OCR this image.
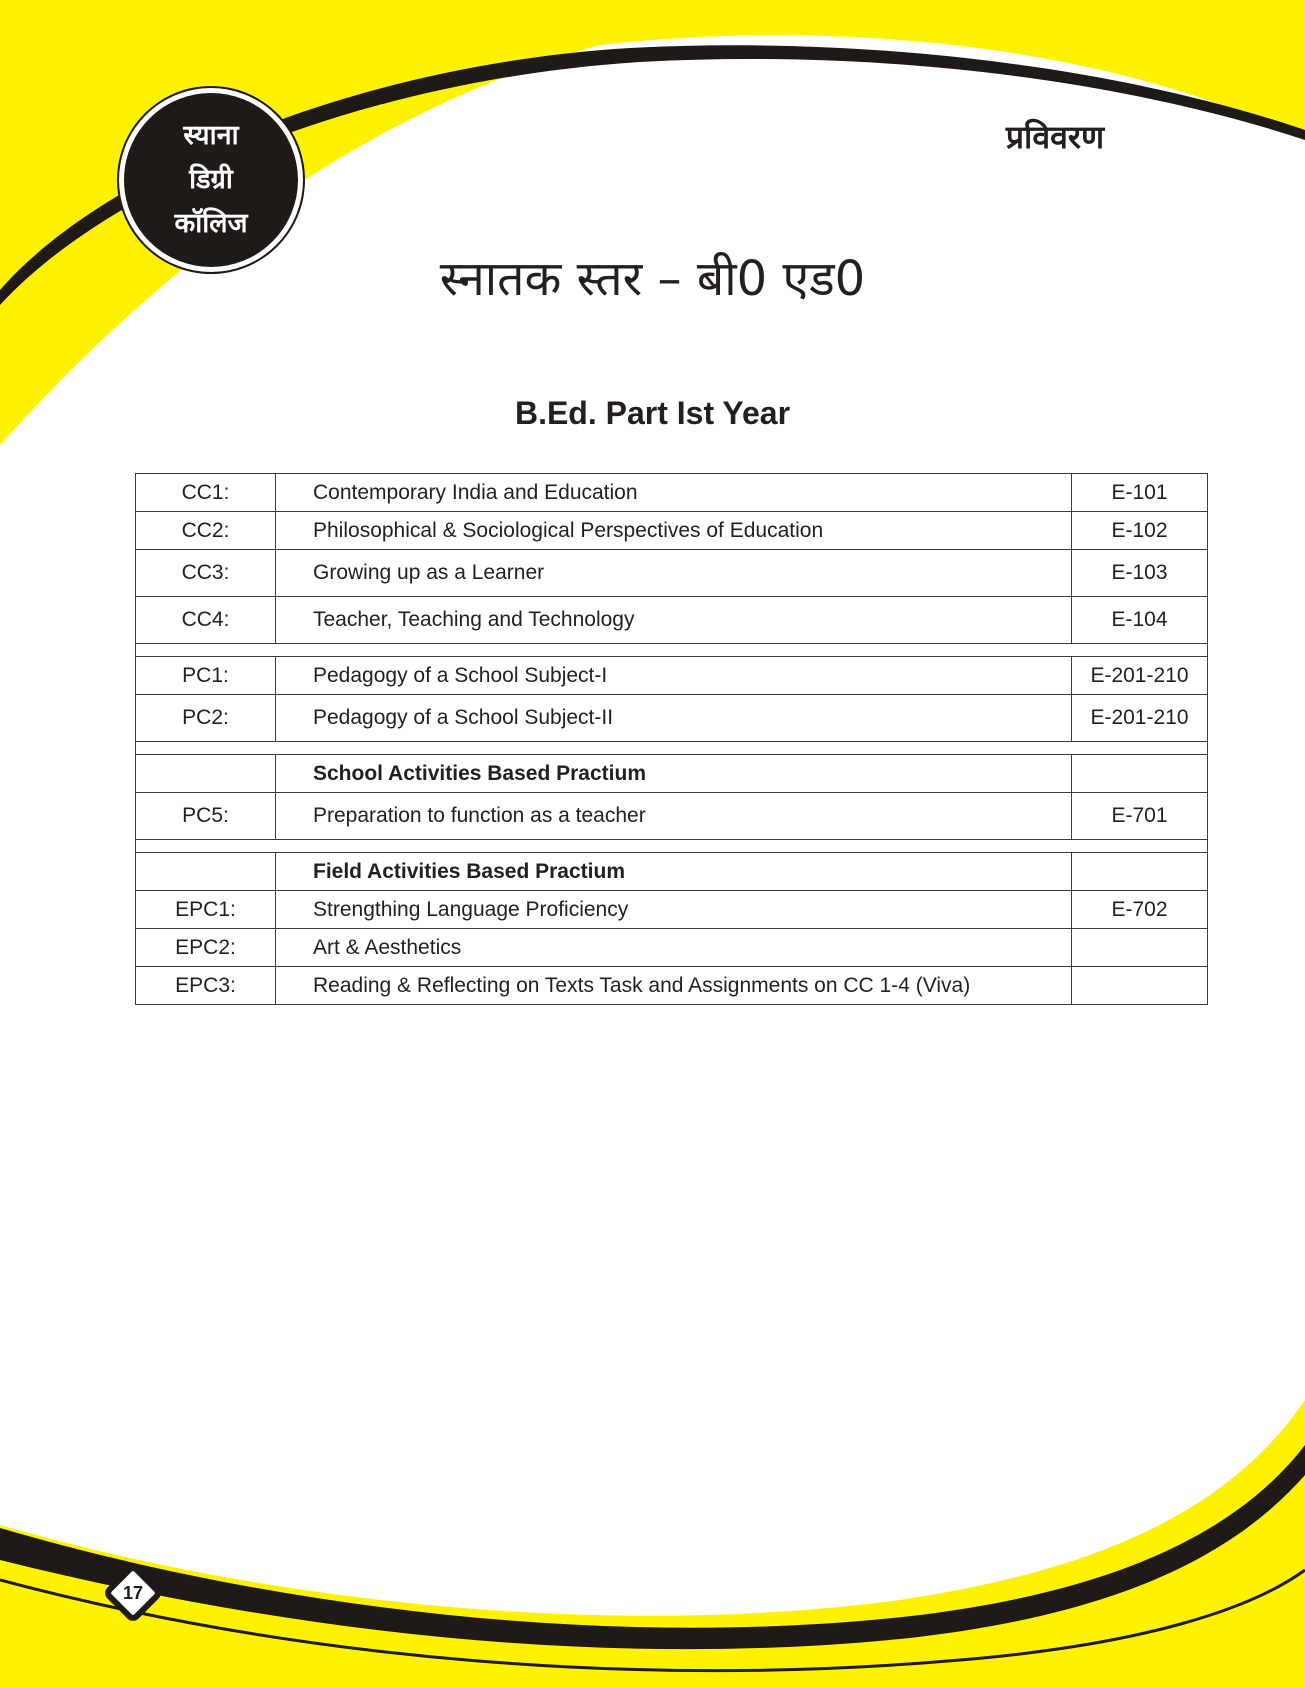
स्याना
डिग्री
कॉलिज
प्रविवरण
स्नातक स्तर – बी0 एड0
B.Ed. Part Ist Year
CC1:	Contemporary India and Education	E-101
CC2:	Philosophical & Sociological Perspectives of Education	E-102
CC3:	Growing up as a Learner	E-103
CC4:	Teacher, Teaching and Technology	E-104

PC1:	Pedagogy of a School Subject-I	E-201-210
PC2:	Pedagogy of a School Subject-II	E-201-210

	School Activities Based Practium	
PC5:	Preparation to function as a teacher	E-701

	Field Activities Based Practium	
EPC1:	Strengthing Language Proficiency	E-702
EPC2:	Art & Aesthetics	
EPC3:	Reading & Reflecting on Texts Task and Assignments on CC 1-4 (Viva)	
17
